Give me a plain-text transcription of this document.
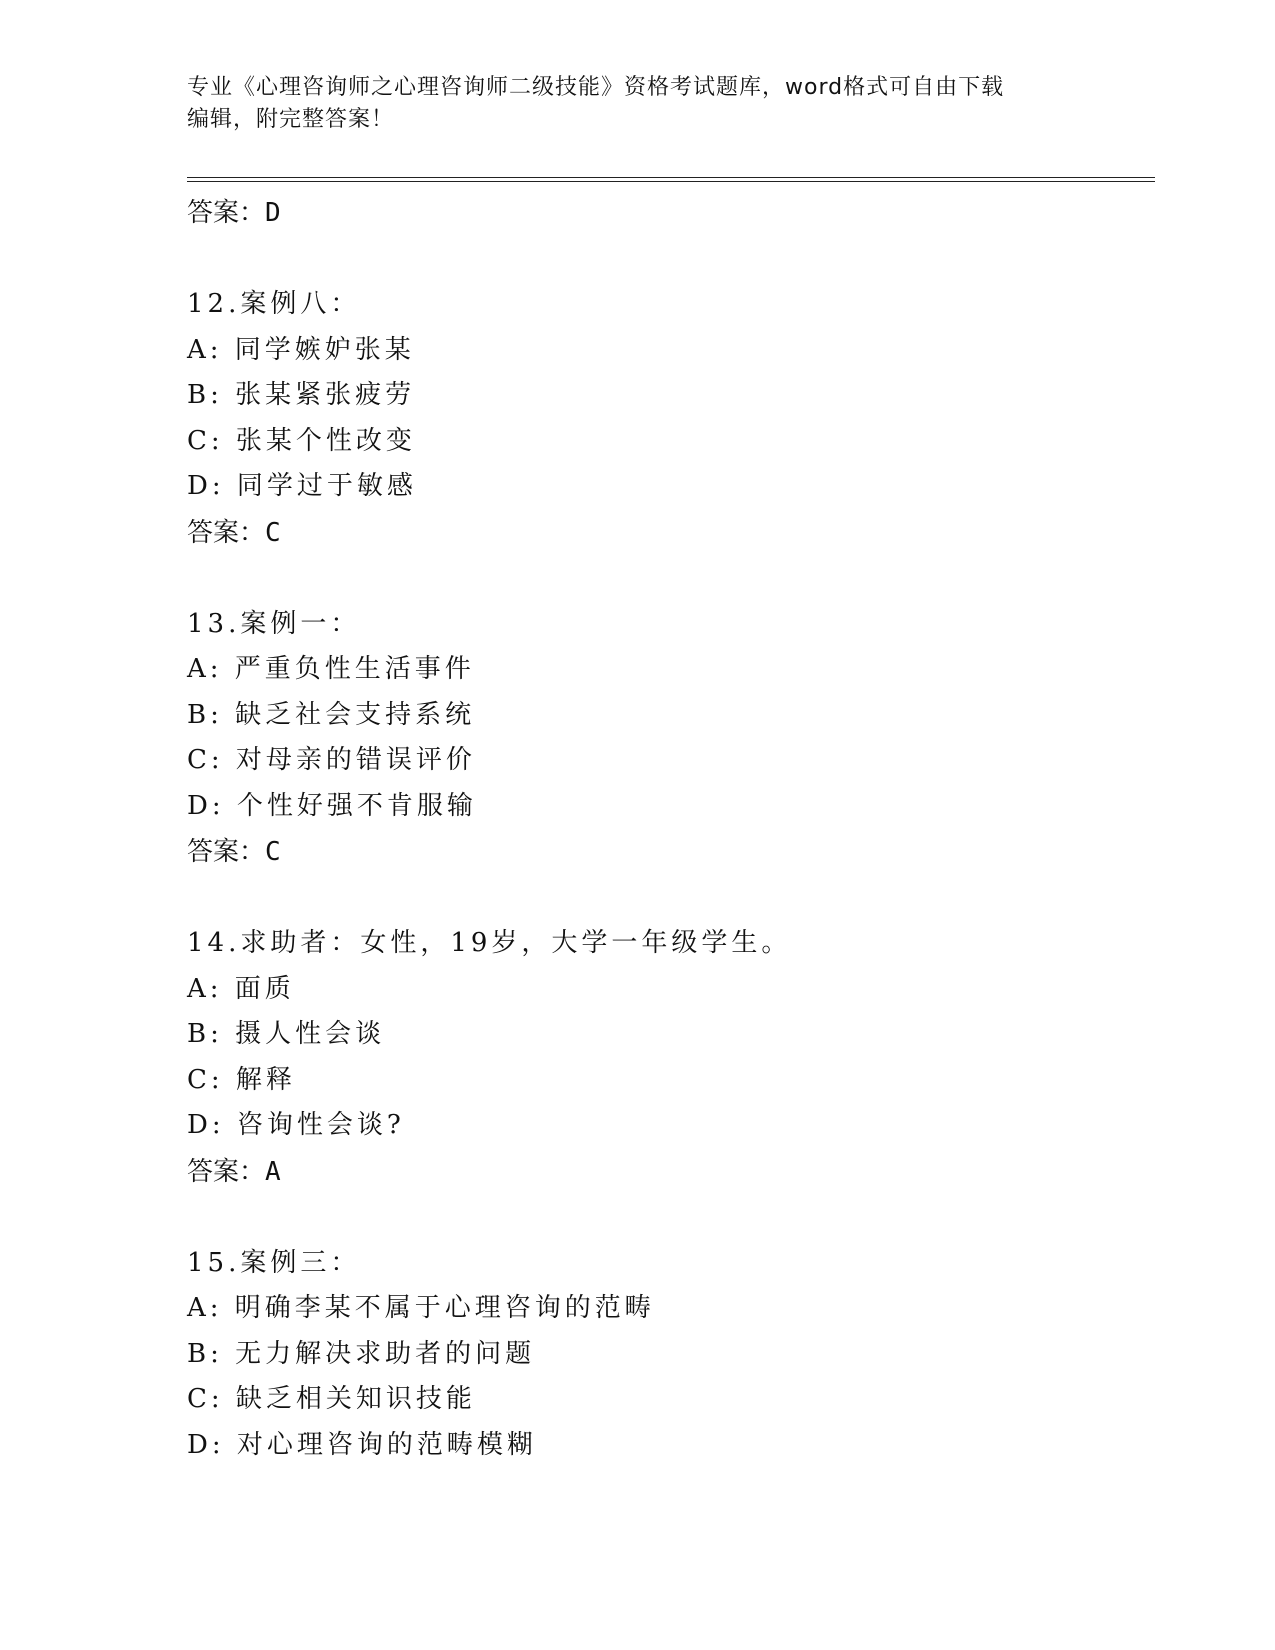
专业《心理咨询师之心理咨询师二级技能》资格考试题库，word格式可自由下载
编辑，附完整答案！
答案：D
12.案例八：
A: 同学嫉妒张某
B: 张某紧张疲劳
C: 张某个性改变
D: 同学过于敏感
答案：C
13.案例一：
A: 严重负性生活事件
B: 缺乏社会支持系统
C: 对母亲的错误评价
D: 个性好强不肯服输
答案：C
14.求助者：女性，19岁，大学一年级学生。
A: 面质
B: 摄人性会谈
C: 解释
D: 咨询性会谈?
答案：A
15.案例三：
A: 明确李某不属于心理咨询的范畴
B: 无力解决求助者的问题
C: 缺乏相关知识技能
D: 对心理咨询的范畴模糊
